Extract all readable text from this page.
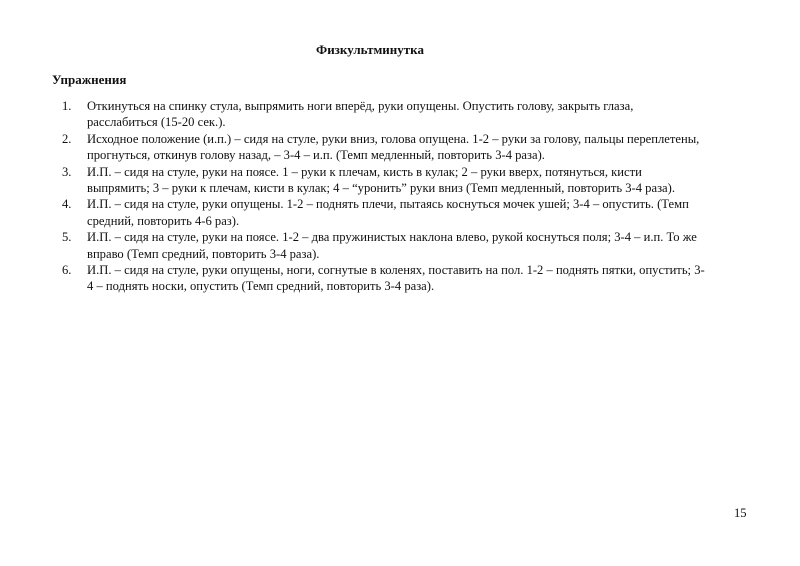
Физкультминутка
Упражнения
1. Откинуться на спинку стула, выпрямить ноги вперёд, руки опущены. Опустить голову, закрыть глаза,
расслабиться (15-20 сек.).
2. Исходное положение (и.п.) – сидя на стуле, руки вниз, голова опущена. 1-2 – руки за голову, пальцы переплетены,
прогнуться, откинув голову назад, – 3-4 – и.п. (Темп медленный, повторить 3-4 раза).
3. И.П. – сидя на стуле, руки на поясе. 1 – руки к плечам, кисть в кулак; 2 – руки вверх, потянуться, кисти
выпрямить; 3 – руки к плечам, кисти в кулак; 4 – “уронить” руки вниз (Темп медленный, повторить 3-4 раза).
4. И.П. – сидя на стуле, руки опущены. 1-2 – поднять плечи, пытаясь коснуться мочек ушей; 3-4 – опустить. (Темп
средний, повторить 4-6 раз).
5. И.П. – сидя на стуле, руки на поясе. 1-2 – два пружинистых наклона влево, рукой коснуться поля; 3-4 – и.п. То же
вправо (Темп средний, повторить 3-4 раза).
6. И.П. – сидя на стуле, руки опущены, ноги, согнутые в коленях, поставить на пол. 1-2 – поднять пятки, опустить; 3-
4 – поднять носки, опустить (Темп средний, повторить 3-4 раза).
15
